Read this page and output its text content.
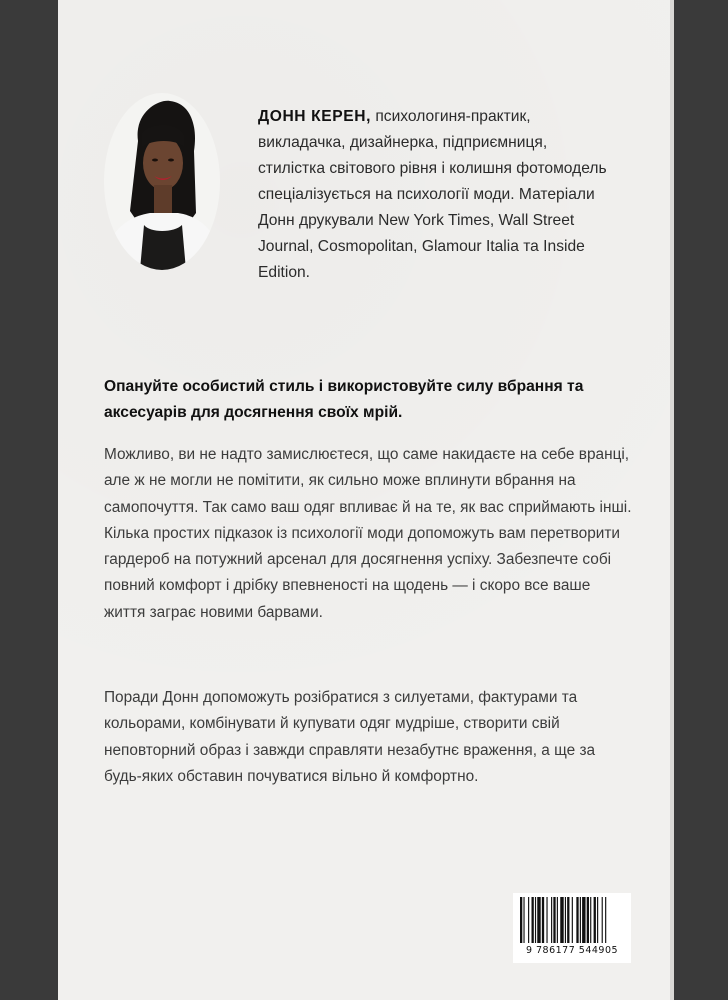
ДОНН КЕРЕН, психологиня-практик, викладачка, дизайнерка, підприємниця, стилістка світового рівня і колишня фотомодель спеціалізується на психології моди. Матеріали Донн друкували New York Times, Wall Street Journal, Cosmopolitan, Glamour Italia та Inside Edition.

Опануйте особистий стиль і використовуйте силу вбрання та аксесуарів для досягнення своїх мрій.

Можливо, ви не надто замислюєтеся, що саме накидаєте на себе вранці, але ж не могли не помітити, як сильно може вплинути вбрання на самопочуття. Так само ваш одяг впливає й на те, як вас сприймають інші. Кілька простих підказок із психології моди допоможуть вам перетворити гардероб на потужний арсенал для досягнення успіху. Забезпечте собі повний комфорт і дрібку впевненості на щодень — і скоро все ваше життя заграє новими барвами.

Поради Донн допоможуть розібратися з силуетами, фактурами та кольорами, комбінувати й купувати одяг мудріше, створити свій неповторний образ і завжди справляти незабутнє враження, а ще за будь-яких обставин почуватися вільно й комфортно.

9 786177 544905
